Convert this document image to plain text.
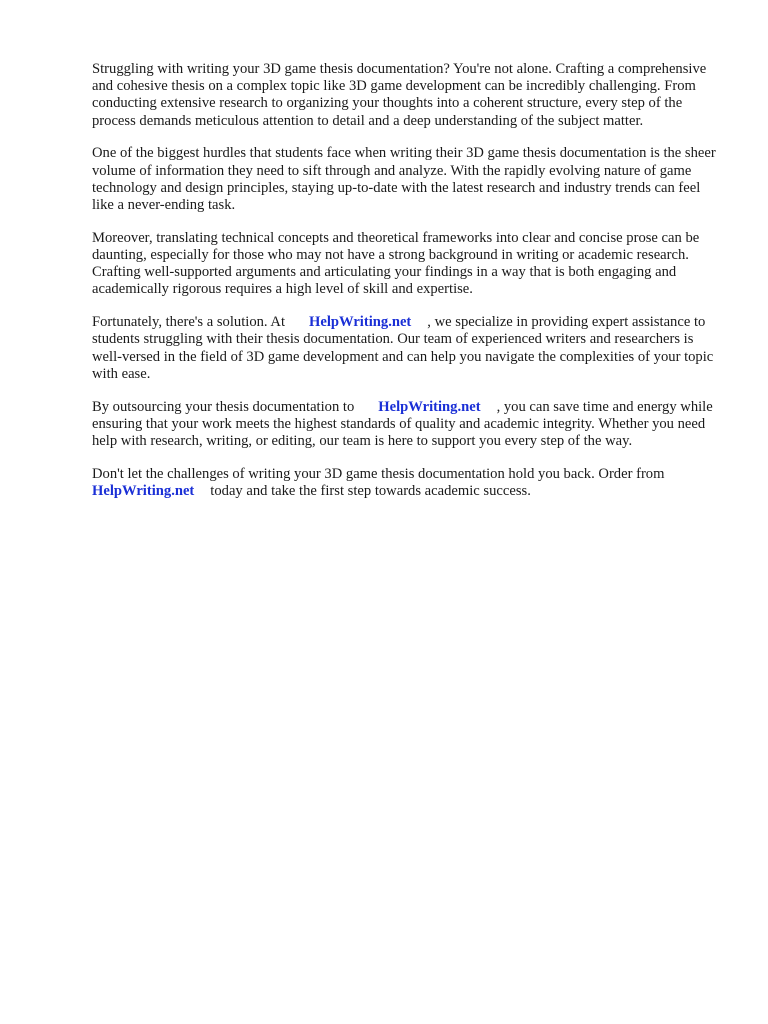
Struggling with writing your 3D game thesis documentation? You're not alone. Crafting a comprehensive and cohesive thesis on a complex topic like 3D game development can be incredibly challenging. From conducting extensive research to organizing your thoughts into a coherent structure, every step of the process demands meticulous attention to detail and a deep understanding of the subject matter.

One of the biggest hurdles that students face when writing their 3D game thesis documentation is the sheer volume of information they need to sift through and analyze. With the rapidly evolving nature of game technology and design principles, staying up-to-date with the latest research and industry trends can feel like a never-ending task.

Moreover, translating technical concepts and theoretical frameworks into clear and concise prose can be daunting, especially for those who may not have a strong background in writing or academic research. Crafting well-supported arguments and articulating your findings in a way that is both engaging and academically rigorous requires a high level of skill and expertise.

Fortunately, there's a solution. At HelpWriting.net , we specialize in providing expert assistance to students struggling with their thesis documentation. Our team of experienced writers and researchers is well-versed in the field of 3D game development and can help you navigate the complexities of your topic with ease.

By outsourcing your thesis documentation to HelpWriting.net , you can save time and energy while ensuring that your work meets the highest standards of quality and academic integrity. Whether you need help with research, writing, or editing, our team is here to support you every step of the way.

Don't let the challenges of writing your 3D game thesis documentation hold you back. Order from HelpWriting.net today and take the first step towards academic success.
